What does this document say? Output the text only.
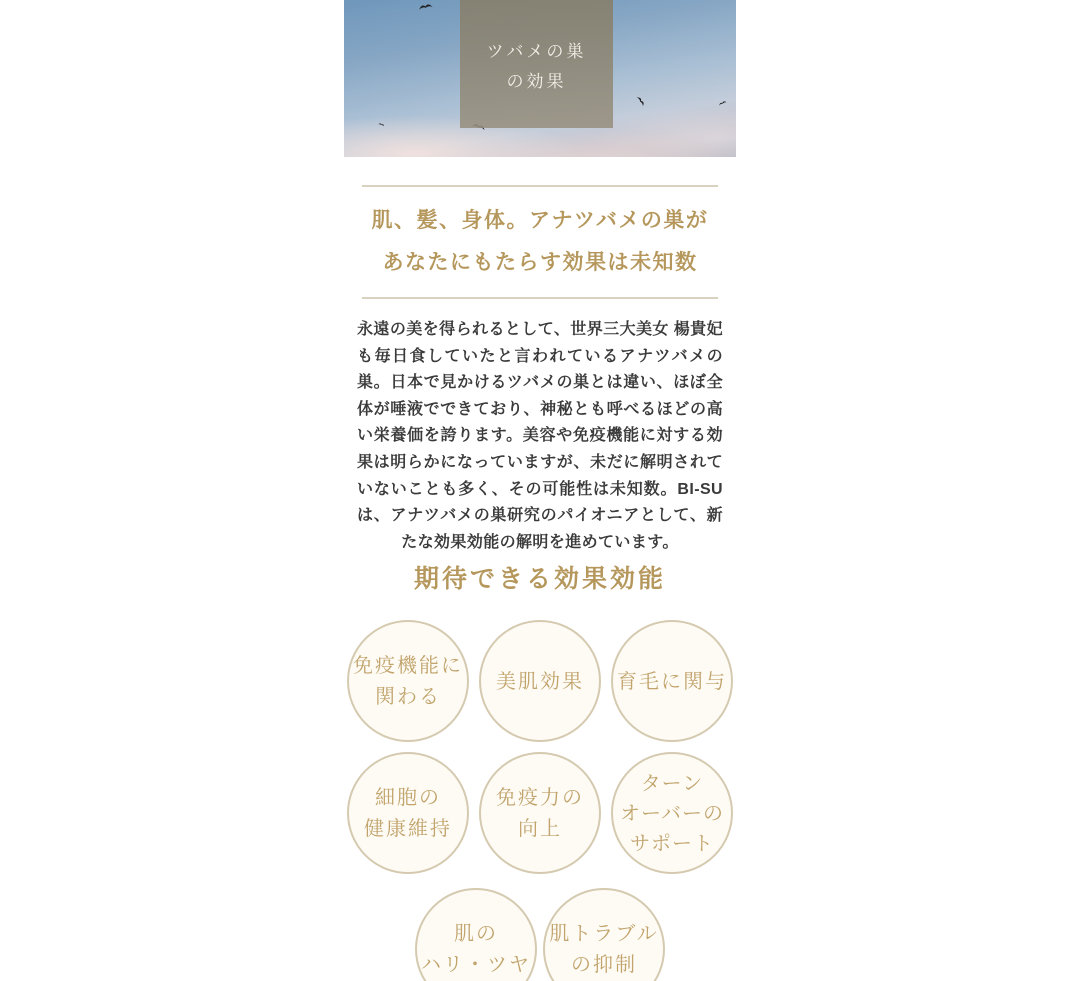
ツバメの巣
の効果
肌、髪、身体。アナツバメの巣が
あなたにもたらす効果は未知数

永遠の美を得られるとして、世界三大美女 楊貴妃も毎日食していたと言われているアナツバメの巣。日本で見かけるツバメの巣とは違い、ほぼ全体が唾液でできており、神秘とも呼べるほどの高い栄養価を誇ります。美容や免疫機能に対する効果は明らかになっていますが、未だに解明されていないことも多く、その可能性は未知数。BI-SUは、アナツバメの巣研究のパイオニアとして、新たな効果効能の解明を進めています。

期待できる効果効能
免疫機能に
関わる
美肌効果 育毛に関与
細胞の
健康維持
免疫力の
向上
ターン
オーバーの
サポート
肌の
ハリ・ツヤ
肌トラブル
の抑制
